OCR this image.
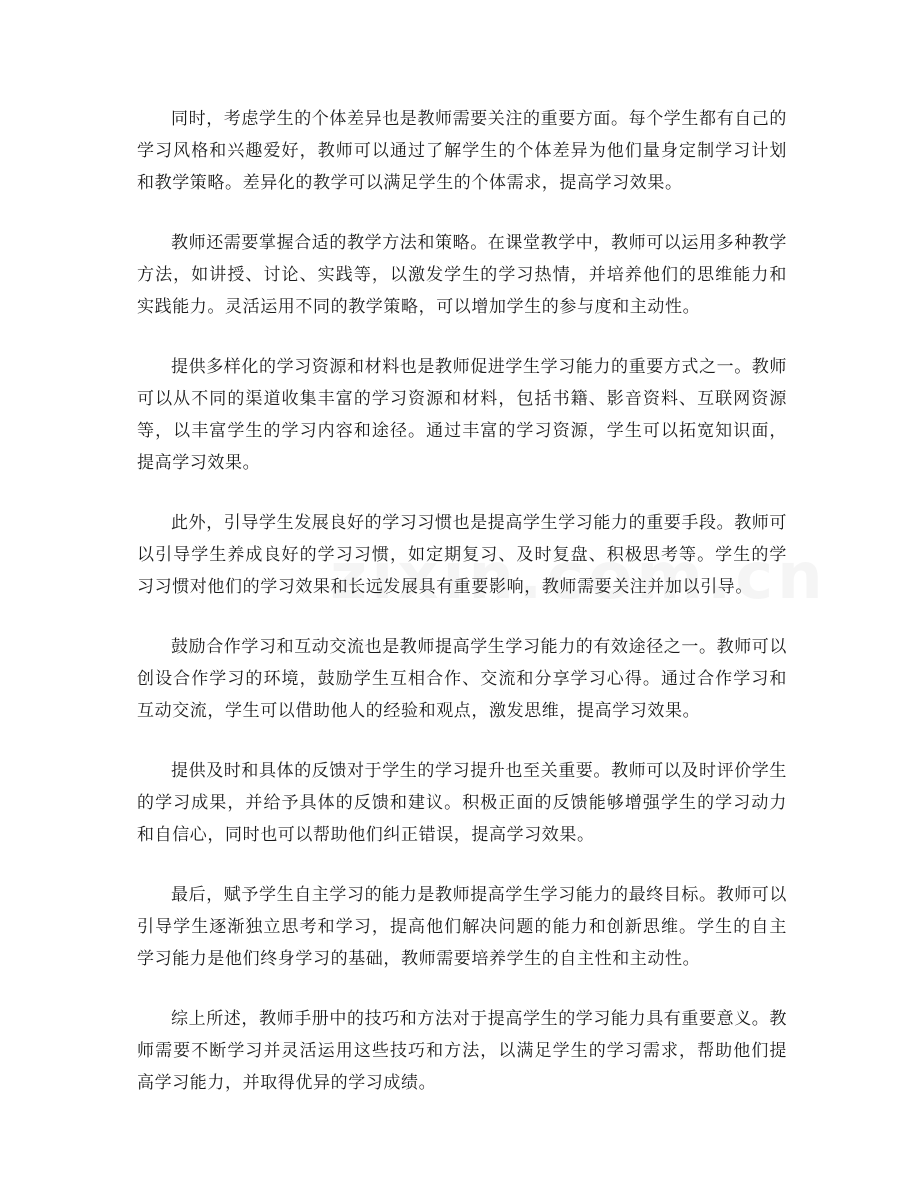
同时，考虑学生的个体差异也是教师需要关注的重要方面。每个学生都有自己的学习风格和兴趣爱好，教师可以通过了解学生的个体差异为他们量身定制学习计划和教学策略。差异化的教学可以满足学生的个体需求，提高学习效果。

教师还需要掌握合适的教学方法和策略。在课堂教学中，教师可以运用多种教学方法，如讲授、讨论、实践等，以激发学生的学习热情，并培养他们的思维能力和实践能力。灵活运用不同的教学策略，可以增加学生的参与度和主动性。

提供多样化的学习资源和材料也是教师促进学生学习能力的重要方式之一。教师可以从不同的渠道收集丰富的学习资源和材料，包括书籍、影音资料、互联网资源等，以丰富学生的学习内容和途径。通过丰富的学习资源，学生可以拓宽知识面，提高学习效果。

此外，引导学生发展良好的学习习惯也是提高学生学习能力的重要手段。教师可以引导学生养成良好的学习习惯，如定期复习、及时复盘、积极思考等。学生的学习习惯对他们的学习效果和长远发展具有重要影响，教师需要关注并加以引导。

鼓励合作学习和互动交流也是教师提高学生学习能力的有效途径之一。教师可以创设合作学习的环境，鼓励学生互相合作、交流和分享学习心得。通过合作学习和互动交流，学生可以借助他人的经验和观点，激发思维，提高学习效果。

提供及时和具体的反馈对于学生的学习提升也至关重要。教师可以及时评价学生的学习成果，并给予具体的反馈和建议。积极正面的反馈能够增强学生的学习动力和自信心，同时也可以帮助他们纠正错误，提高学习效果。

最后，赋予学生自主学习的能力是教师提高学生学习能力的最终目标。教师可以引导学生逐渐独立思考和学习，提高他们解决问题的能力和创新思维。学生的自主学习能力是他们终身学习的基础，教师需要培养学生的自主性和主动性。

综上所述，教师手册中的技巧和方法对于提高学生的学习能力具有重要意义。教师需要不断学习并灵活运用这些技巧和方法，以满足学生的学习需求，帮助他们提高学习能力，并取得优异的学习成绩。
